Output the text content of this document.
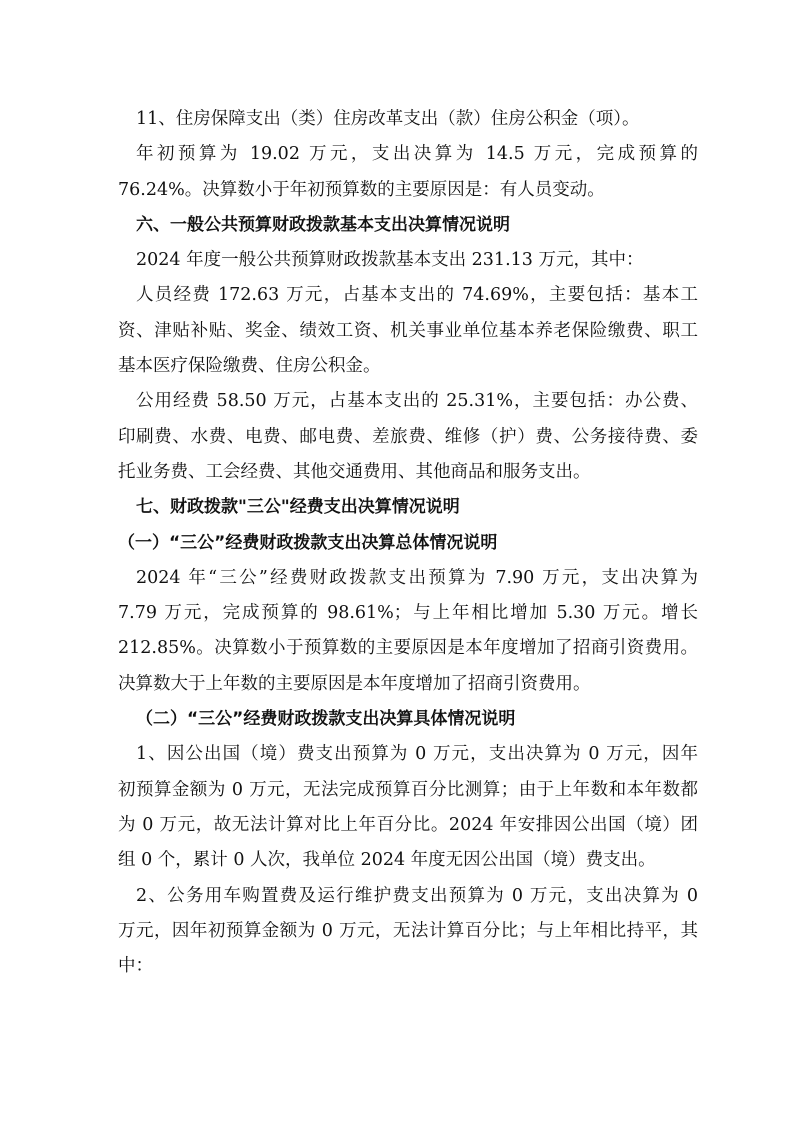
11、住房保障支出（类）住房改革支出（款）住房公积金（项）。
年初预算为 19.02 万元，支出决算为 14.5 万元，完成预算的
76.24%。决算数小于年初预算数的主要原因是：有人员变动。
六、一般公共预算财政拨款基本支出决算情况说明
2024 年度一般公共预算财政拨款基本支出 231.13 万元，其中：
人员经费 172.63 万元，占基本支出的 74.69%，主要包括：基本工
资、津贴补贴、奖金、绩效工资、机关事业单位基本养老保险缴费、职工
基本医疗保险缴费、住房公积金。
公用经费 58.50 万元，占基本支出的 25.31%，主要包括：办公费、
印刷费、水费、电费、邮电费、差旅费、维修（护）费、公务接待费、委
托业务费、工会经费、其他交通费用、其他商品和服务支出。
七、财政拨款"三公"经费支出决算情况说明
（一）“三公”经费财政拨款支出决算总体情况说明
2024 年“三公”经费财政拨款支出预算为 7.90 万元，支出决算为
7.79 万元，完成预算的 98.61%；与上年相比增加 5.30 万元。增长
212.85%。决算数小于预算数的主要原因是本年度增加了招商引资费用。
决算数大于上年数的主要原因是本年度增加了招商引资费用。
（二）“三公”经费财政拨款支出决算具体情况说明
1、因公出国（境）费支出预算为 0 万元，支出决算为 0 万元，因年
初预算金额为 0 万元，无法完成预算百分比测算；由于上年数和本年数都
为 0 万元，故无法计算对比上年百分比。2024 年安排因公出国（境）团
组 0 个，累计 0 人次，我单位 2024 年度无因公出国（境）费支出。
2、公务用车购置费及运行维护费支出预算为 0 万元，支出决算为 0
万元，因年初预算金额为 0 万元，无法计算百分比；与上年相比持平，其
中：
